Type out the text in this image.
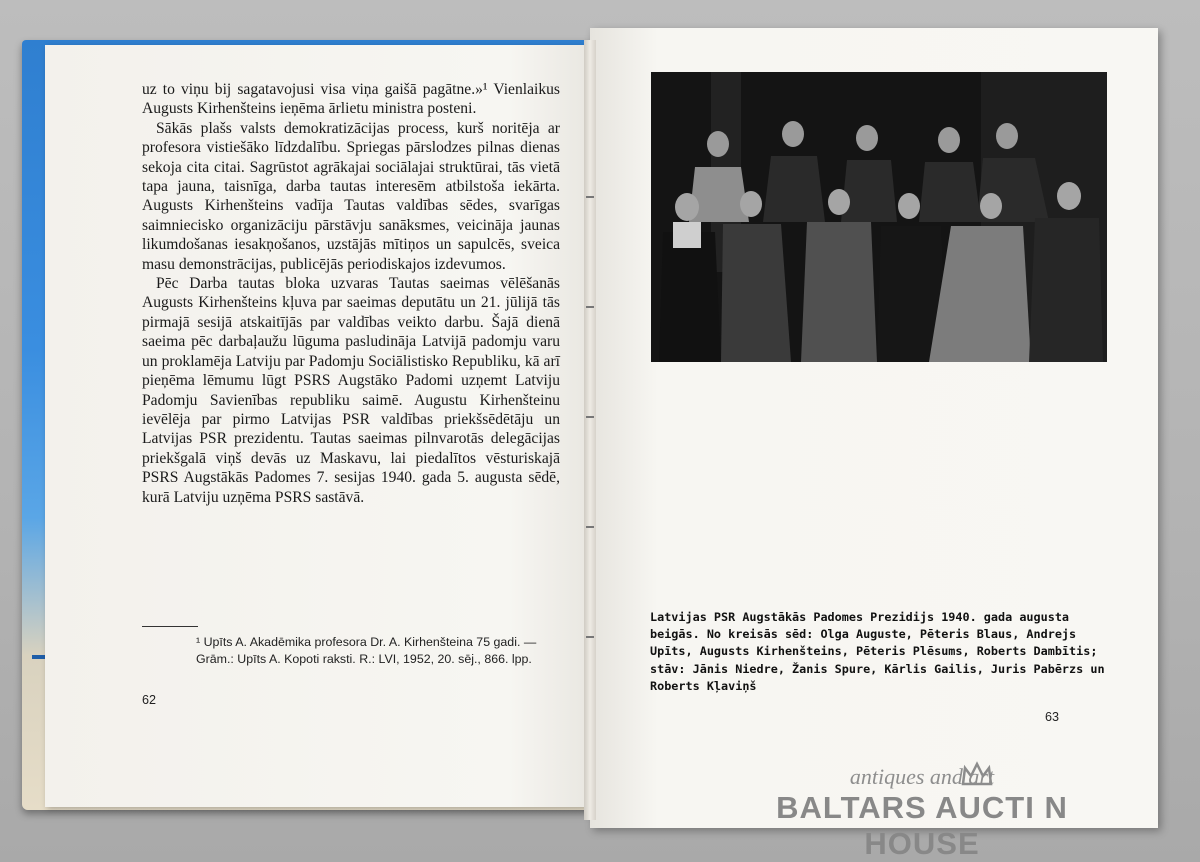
uz to viņu bij sagatavojusi visa viņa gaišā pagātne.»¹ Vienlaikus Augusts Kirhenšteins ieņēma ārlietu ministra posteni.

Sākās plašs valsts demokratizācijas process, kurš noritēja ar profesora vistiešāko līdzdalību. Spriegas pārslodzes pilnas dienas sekoja cita citai. Sagrūstot agrākajai sociālajai struktūrai, tās vietā tapa jauna, taisnīga, darba tautas interesēm atbilstoša iekārta. Augusts Kirhenšteins vadīja Tautas valdības sēdes, svarīgas saimniecisko organizāciju pārstāvju sanāksmes, veicināja jaunas likumdošanas iesakņošanos, uzstājās mītiņos un sapulcēs, sveica masu demonstrācijas, publicējās periodiskajos izdevumos.

Pēc Darba tautas bloka uzvaras Tautas saeimas vēlēšanās Augusts Kirhenšteins kļuva par saeimas deputātu un 21. jūlijā tās pirmajā sesijā atskaitījās par valdības veikto darbu. Šajā dienā saeima pēc darbaļaužu lūguma pasludināja Latvijā padomju varu un proklamēja Latviju par Padomju Sociālistisko Republiku, kā arī pieņēma lēmumu lūgt PSRS Augstāko Padomi uzņemt Latviju Padomju Savienības republiku saimē. Augustu Kirhenšteinu ievēlēja par pirmo Latvijas PSR valdības priekšsēdētāju un Latvijas PSR prezidentu. Tautas saeimas pilnvarotās delegācijas priekšgalā viņš devās uz Maskavu, lai piedalītos vēsturiskajā PSRS Augstākās Padomes 7. sesijas 1940. gada 5. augusta sēdē, kurā Latviju uzņēma PSRS sastāvā.

¹ Upīts A. Akadēmika profesora Dr. A. Kirhenšteina 75 gadi. — Grām.: Upīts A. Kopoti raksti. R.: LVI, 1952, 20. sēj., 866. lpp.
62
Latvijas PSR Augstākās Padomes Prezidijs 1940. gada augusta beigās. No kreisās sēd: Olga Auguste, Pēteris Blaus, Andrejs Upīts, Augusts Kirhenšteins, Pēteris Plēsums, Roberts Dambītis; stāv: Jānis Niedre, Žanis Spure, Kārlis Gailis, Juris Pabērzs un Roberts Kļaviņš
63
antiques and art
BALTARS AUCTI N HOUSE
